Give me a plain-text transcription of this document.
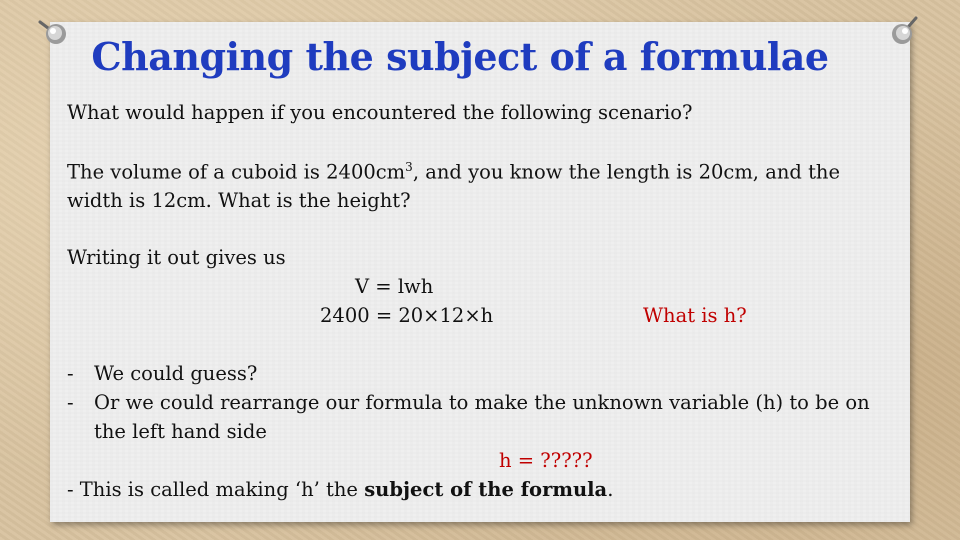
Changing the subject of a formulae
What would happen if you encountered the following scenario?
The volume of a cuboid is $2400cm^3$, and you know the length is 20cm, and the
width is 12cm. What is the height?
Writing it out gives us
V = lwh
2400 = 20×12×h	What is h?
- We could guess?
- Or we could rearrange our formula to make the unknown variable (h) to be on
the left hand side
h = ?????
- This is called making ‘h’ the subject of the formula.
